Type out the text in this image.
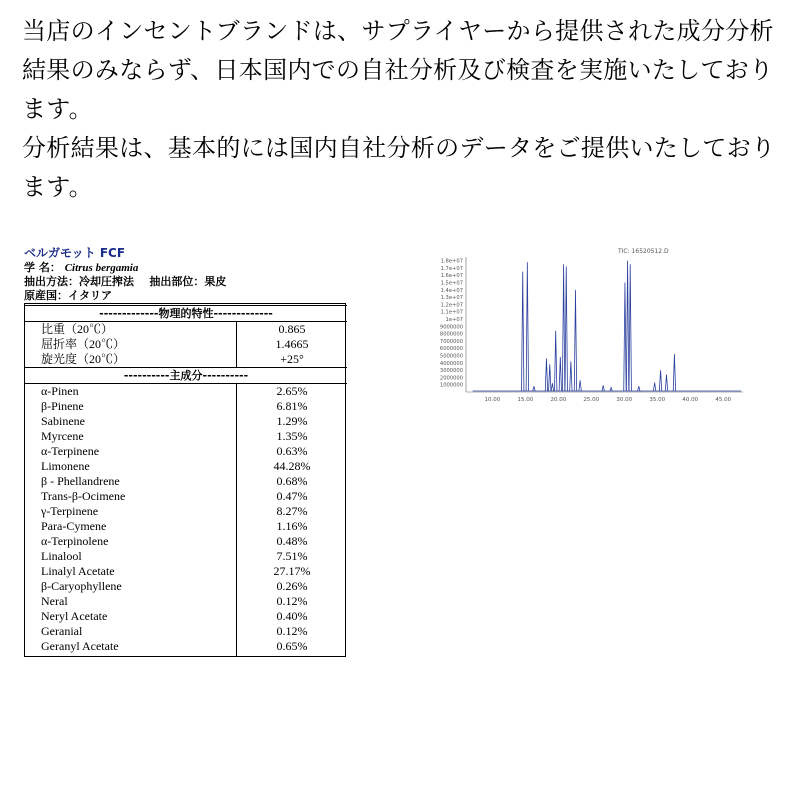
当店のインセントブランドは、サプライヤーから提供された成分分析結果のみならず、日本国内での自社分析及び検査を実施いたしております。

分析結果は、基本的には国内自社分析のデータをご提供いたしております。

ベルガモット FCF
学 名： Citrus bergamia
抽出方法：冷却圧搾法 抽出部位：果皮
原産国：イタリア
-------------物理的特性-------------	
比重（20℃）	0.865
屈折率（20℃）	1.4665
旋光度（20℃）	+25°
----------主成分----------	
α-Pinen	2.65%
β-Pinene	6.81%
Sabinene	1.29%
Myrcene	1.35%
α-Terpinene	0.63%
Limonene	44.28%
β - Phellandrene	0.68%
Trans-β-Ocimene	0.47%
γ-Terpinene	8.27%
Para-Cymene	1.16%
α-Terpinolene	0.48%
Linalool	7.51%
Linalyl Acetate	27.17%
β-Caryophyllene	0.26%
Neral	0.12%
Neryl Acetate	0.40%
Geranial	0.12%
Geranyl Acetate	0.65%
1.8e+07
1.7e+07
1.6e+07
1.5e+07
1.4e+07
1.3e+07
1.2e+07
1.1e+07
1e+07
9000000
8000000
7000000
6000000
5000000
4000000
3000000
2000000
1000000
10.00	15.00	20.00	25.00	30.00	35.00	40.00	45.00
TIC: 16520512.D
